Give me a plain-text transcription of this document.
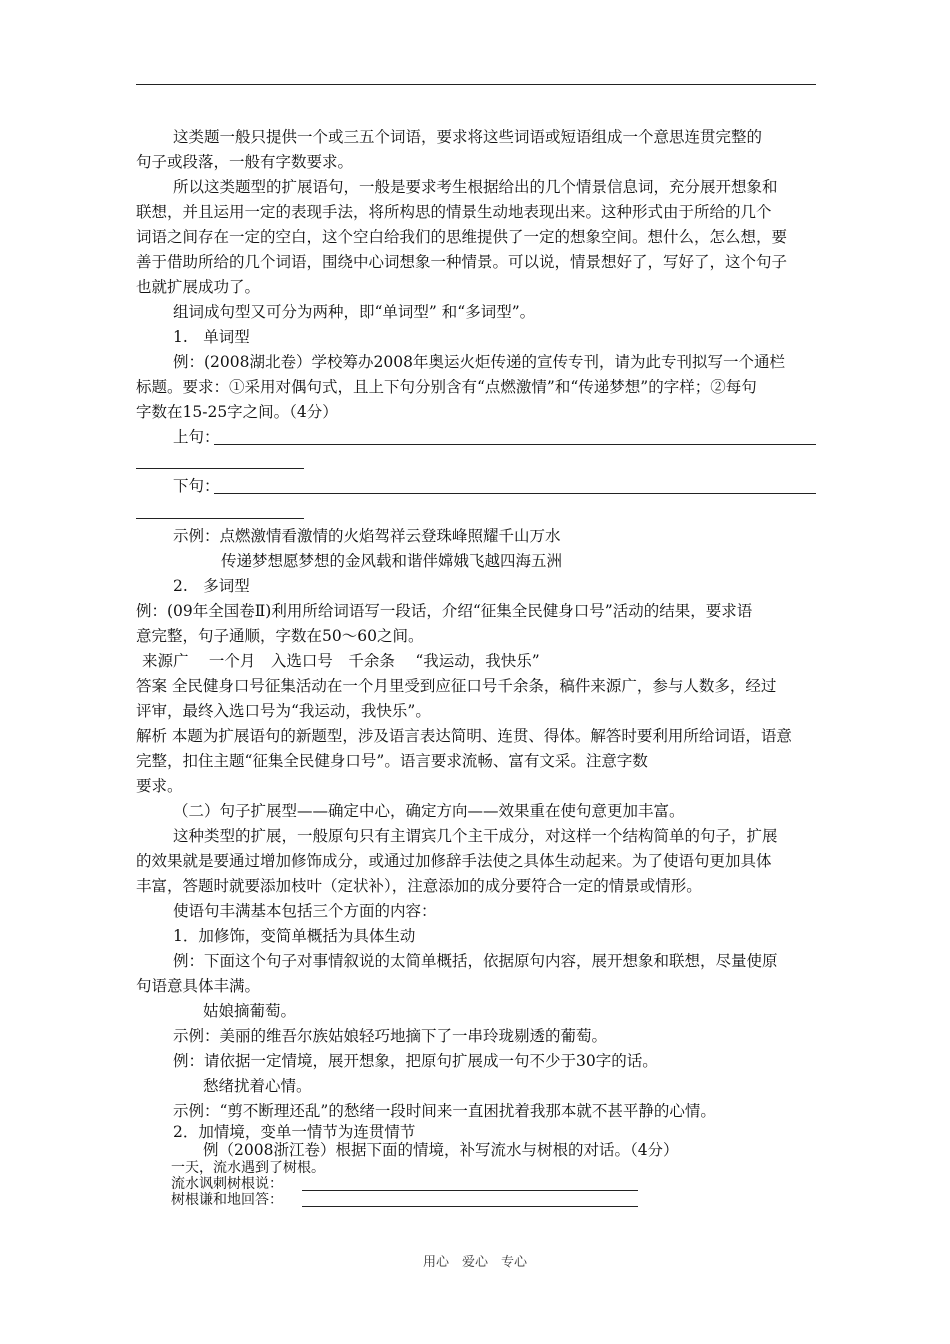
这类题一般只提供一个或三五个词语，要求将这些词语或短语组成一个意思连贯完整的
句子或段落，一般有字数要求。
所以这类题型的扩展语句，一般是要求考生根据给出的几个情景信息词，充分展开想象和
联想，并且运用一定的表现手法，将所构思的情景生动地表现出来。这种形式由于所给的几个
词语之间存在一定的空白，这个空白给我们的思维提供了一定的想象空间。想什么，怎么想，要
善于借助所给的几个词语，围绕中心词想象一种情景。可以说，情景想好了，写好了，这个句子
也就扩展成功了。
组词成句型又可分为两种，即“单词型” 和“多词型”。
1.　单词型
例：(2008湖北卷）学校筹办2008年奥运火炬传递的宣传专刊，请为此专刊拟写一个通栏
标题。要求：①采用对偶句式，且上下句分别含有“点燃激情”和“传递梦想”的字样；②每句
字数在15-25字之间。（4分）
上句：
下句：
示例：点燃激情看激情的火焰驾祥云登珠峰照耀千山万水
传递梦想愿梦想的金风载和谐伴嫦娥飞越四海五洲
2.　多词型
例：(09年全国卷Ⅱ)利用所给词语写一段话，介绍“征集全民健身口号”活动的结果，要求语
意完整，句子通顺，字数在50～60之间。
来源广　 一个月　入选口号　千余条　 “我运动，我快乐”
答案 全民健身口号征集活动在一个月里受到应征口号千余条，稿件来源广，参与人数多，经过
评审，最终入选口号为“我运动，我快乐”。
解析 本题为扩展语句的新题型，涉及语言表达简明、连贯、得体。解答时要利用所给词语，语意
完整，扣住主题“征集全民健身口号”。语言要求流畅、富有文采。注意字数
要求。
（二）句子扩展型——确定中心，确定方向——效果重在使句意更加丰富。
这种类型的扩展，一般原句只有主谓宾几个主干成分，对这样一个结构简单的句子，扩展
的效果就是要通过增加修饰成分，或通过加修辞手法使之具体生动起来。为了使语句更加具体
丰富，答题时就要添加枝叶（定状补），注意添加的成分要符合一定的情景或情形。
使语句丰满基本包括三个方面的内容：
1．加修饰，变简单概括为具体生动
例：下面这个句子对事情叙说的太简单概括，依据原句内容，展开想象和联想，尽量使原
句语意具体丰满。
姑娘摘葡萄。
示例：美丽的维吾尔族姑娘轻巧地摘下了一串玲珑剔透的葡萄。
例：请依据一定情境，展开想象，把原句扩展成一句不少于30字的话。
愁绪扰着心情。
示例：“剪不断理还乱”的愁绪一段时间来一直困扰着我那本就不甚平静的心情。
2．加情境，变单一情节为连贯情节
例（2008浙江卷）根据下面的情境，补写流水与树根的对话。（4分）
一天，流水遇到了树根。
流水讽刺树根说：
树根谦和地回答：
用心　爱心　专心
